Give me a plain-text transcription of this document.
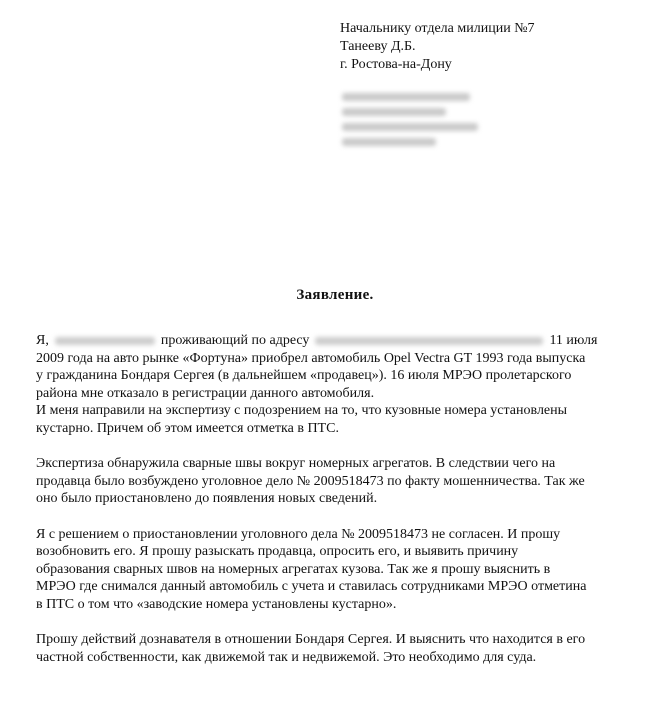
Начальнику отдела милиции №7
Танееву Д.Б.
г. Ростова-на-Дону
Заявление.
Я,	проживающий по адресу	11 июля
2009 года на авто рынке «Фортуна» приобрел автомобиль Opel Vectra GT 1993 года выпуска
у гражданина Бондаря Сергея (в дальнейшем «продавец»). 16 июля МРЭО пролетарского
района мне отказало в регистрации данного автомобиля.
И меня направили на экспертизу с подозрением на то, что кузовные номера установлены
кустарно. Причем об этом имеется отметка в ПТС.
Экспертиза обнаружила сварные швы вокруг номерных агрегатов. В следствии чего на
продавца было возбуждено уголовное дело № 2009518473 по факту мошенничества. Так же
оно было приостановлено до появления новых сведений.
Я с решением о приостановлении уголовного дела № 2009518473 не согласен. И прошу
возобновить его. Я прошу разыскать продавца, опросить его, и выявить причину
образования сварных швов на номерных агрегатах кузова. Так же я прошу выяснить в
МРЭО где снимался данный автомобиль с учета и ставилась сотрудниками МРЭО отметина
в ПТС о том что «заводские номера установлены кустарно».
Прошу действий дознавателя в отношении Бондаря Сергея. И выяснить что находится в его
частной собственности, как движемой так и недвижемой. Это необходимо для суда.
